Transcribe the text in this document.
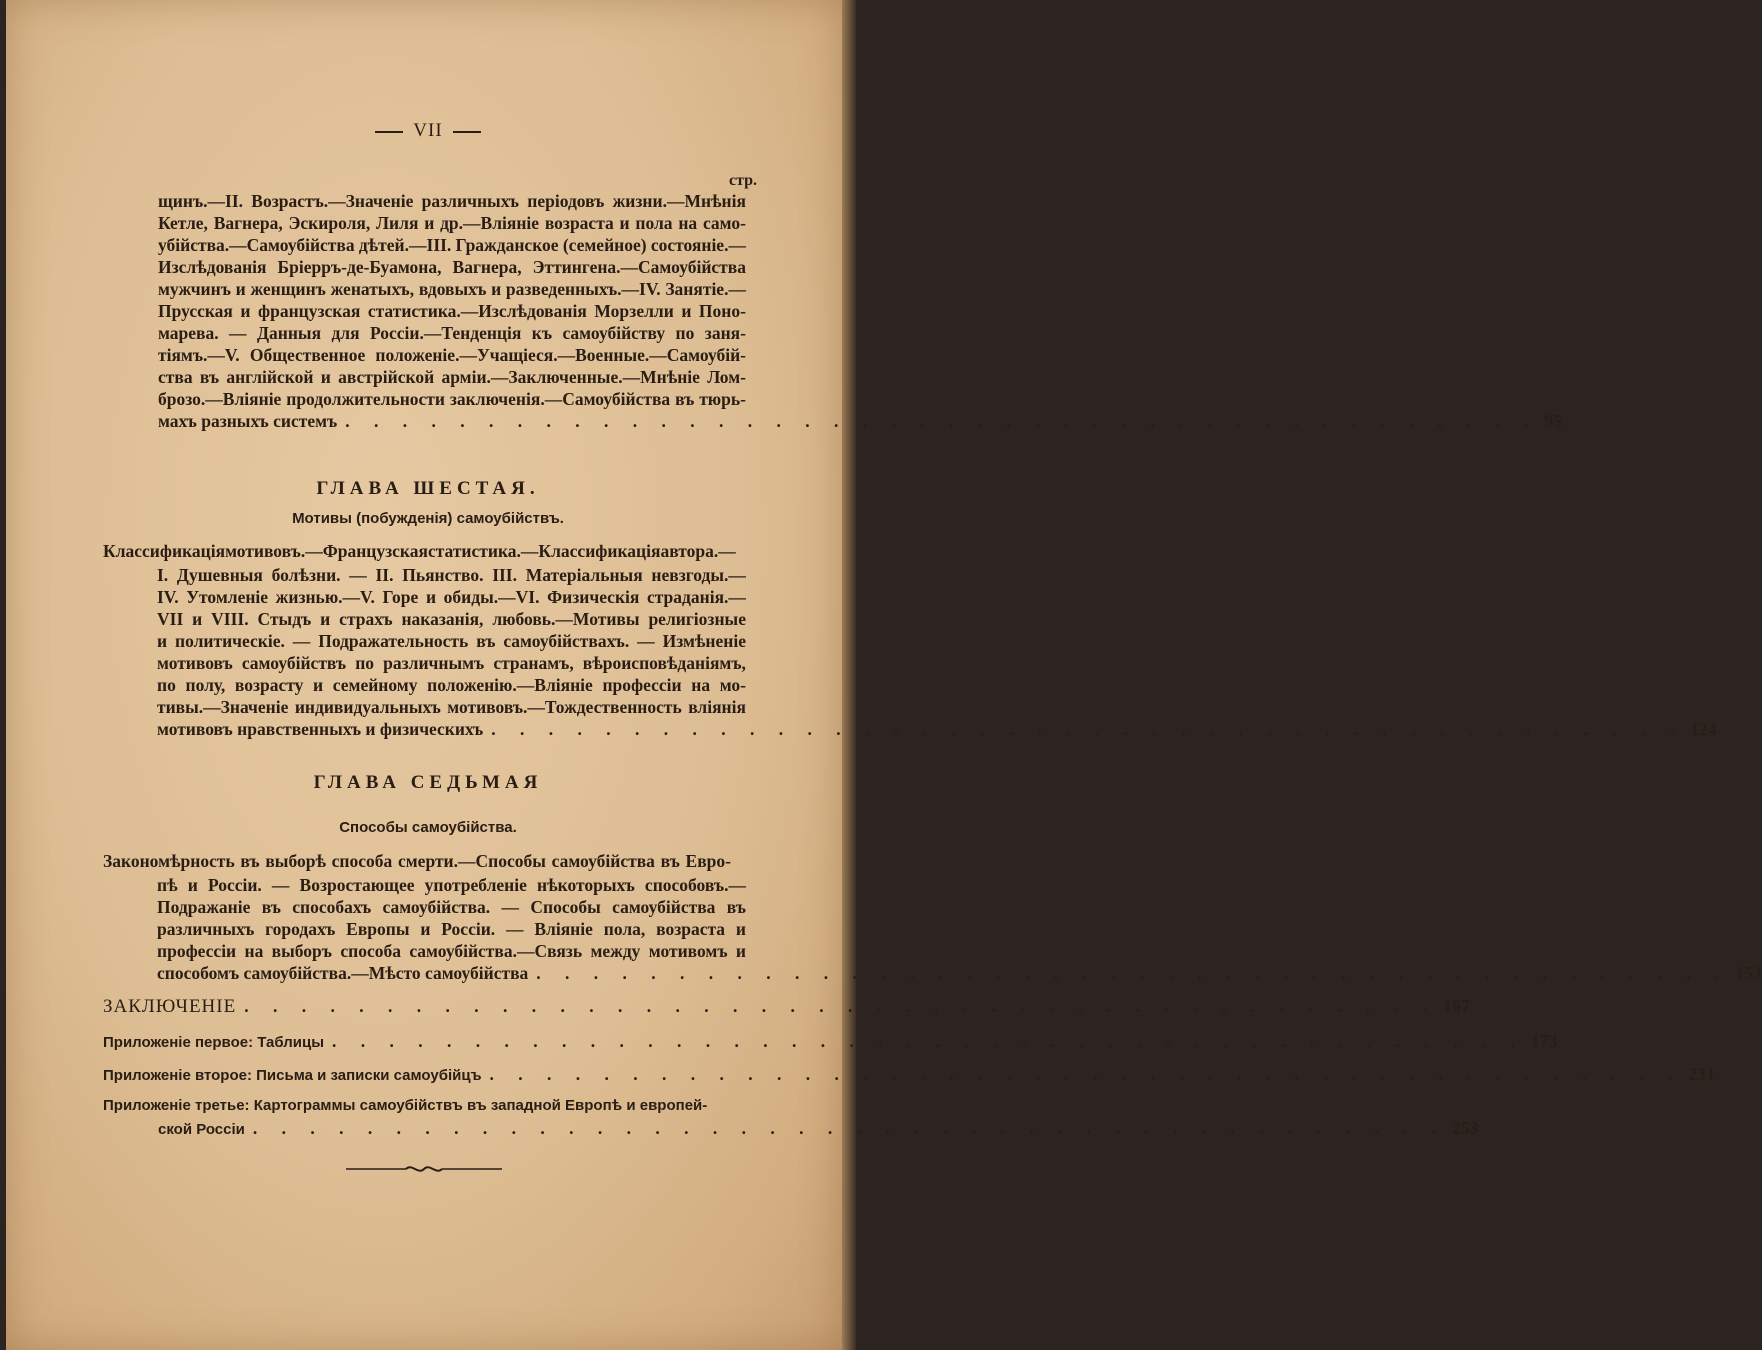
VII
стр.
щинъ.—II. Возрастъ.—Значеніе различныхъ періодовъ жизни.—Мнѣнія
Кетле, Вагнера, Эскироля, Лиля и др.—Вліяніе возраста и пола на само-
убійства.—Самоубійства дѣтей.—III. Гражданское (семейное) состояніе.—
Изслѣдованія Бріерръ-де-Буамона, Вагнера, Эттингена.—Самоубійства
мужчинъ и женщинъ женатыхъ, вдовыхъ и разведенныхъ.—IV. Занятіе.—
Прусская и французская статистика.—Изслѣдованія Морзелли и Поно-
марева. — Данныя для Россіи.—Тенденція къ самоубійству по заня-
тіямъ.—V. Общественное положеніе.—Учащіеся.—Военные.—Самоубій-
ства въ англійской и австрійской арміи.—Заключенные.—Мнѣніе Лом-
брозо.—Вліяніе продолжительности заключенія.—Самоубійства въ тюрь-
махъ разныхъ системъ . . . . . . . . . . . . . . . . . . . . . . . . . . . . . . . . . . . . . . . . . . 95
ГЛАВА ШЕСТАЯ.
Мотивы (побужденія) самоубійствъ.
Классификація мотивовъ.—Французская статистика.—Классификація автора.—
I. Душевныя болѣзни. — II. Пьянство. III. Матеріальныя невзгоды.—
IV. Утомленіе жизнью.—V. Горе и обиды.—VI. Физическія страданія.—
VII и VIII. Стыдъ и страхъ наказанія, любовь.—Мотивы религіозные
и политическіе. — Подражательность въ самоубійствахъ. — Измѣненіе
мотивовъ самоубійствъ по различнымъ странамъ, вѣроисповѣданіямъ,
по полу, возрасту и семейному положенію.—Вліяніе профессіи на мо-
тивы.—Значеніе индивидуальныхъ мотивовъ.—Тождественность вліянія
мотивовъ нравственныхъ и физическихъ . . . . . . . . . . . . . . . . . . . . . . . . . . . . . . . . . . . . . . . . . . 124
ГЛАВА СЕДЬМАЯ
Способы самоубійства.
Закономѣрность въ выборѣ способа смерти.—Способы самоубійства въ Евро-
пѣ и Россіи. — Возростающее употребленіе нѣкоторыхъ способовъ.—
Подражаніе въ способахъ самоубійства. — Способы самоубійства въ
различныхъ городахъ Европы и Россіи. — Вліяніе пола, возраста и
профессіи на выборъ способа самоубійства.—Связь между мотивомъ и
способомъ самоубійства.—Мѣсто самоубійства . . . . . . . . . . . . . . . . . . . . . . . . . . . . . . . . . . . . . . . . . . 153
ЗАКЛЮЧЕНІЕ . . . . . . . . . . . . . . . . . . . . . . . . . . . . . . . . . . . . . . . . . . 167
Приложеніе первое: Таблицы . . . . . . . . . . . . . . . . . . . . . . . . . . . . . . . . . . . . . . . . . . 173
Приложеніе второе: Письма и записки самоубійцъ . . . . . . . . . . . . . . . . . . . . . . . . . . . . . . . . . . . . . . . . . . 231
Приложеніе третье: Картограммы самоубійствъ въ западной Европѣ и европей-
ской Россіи . . . . . . . . . . . . . . . . . . . . . . . . . . . . . . . . . . . . . . . . . . 253
